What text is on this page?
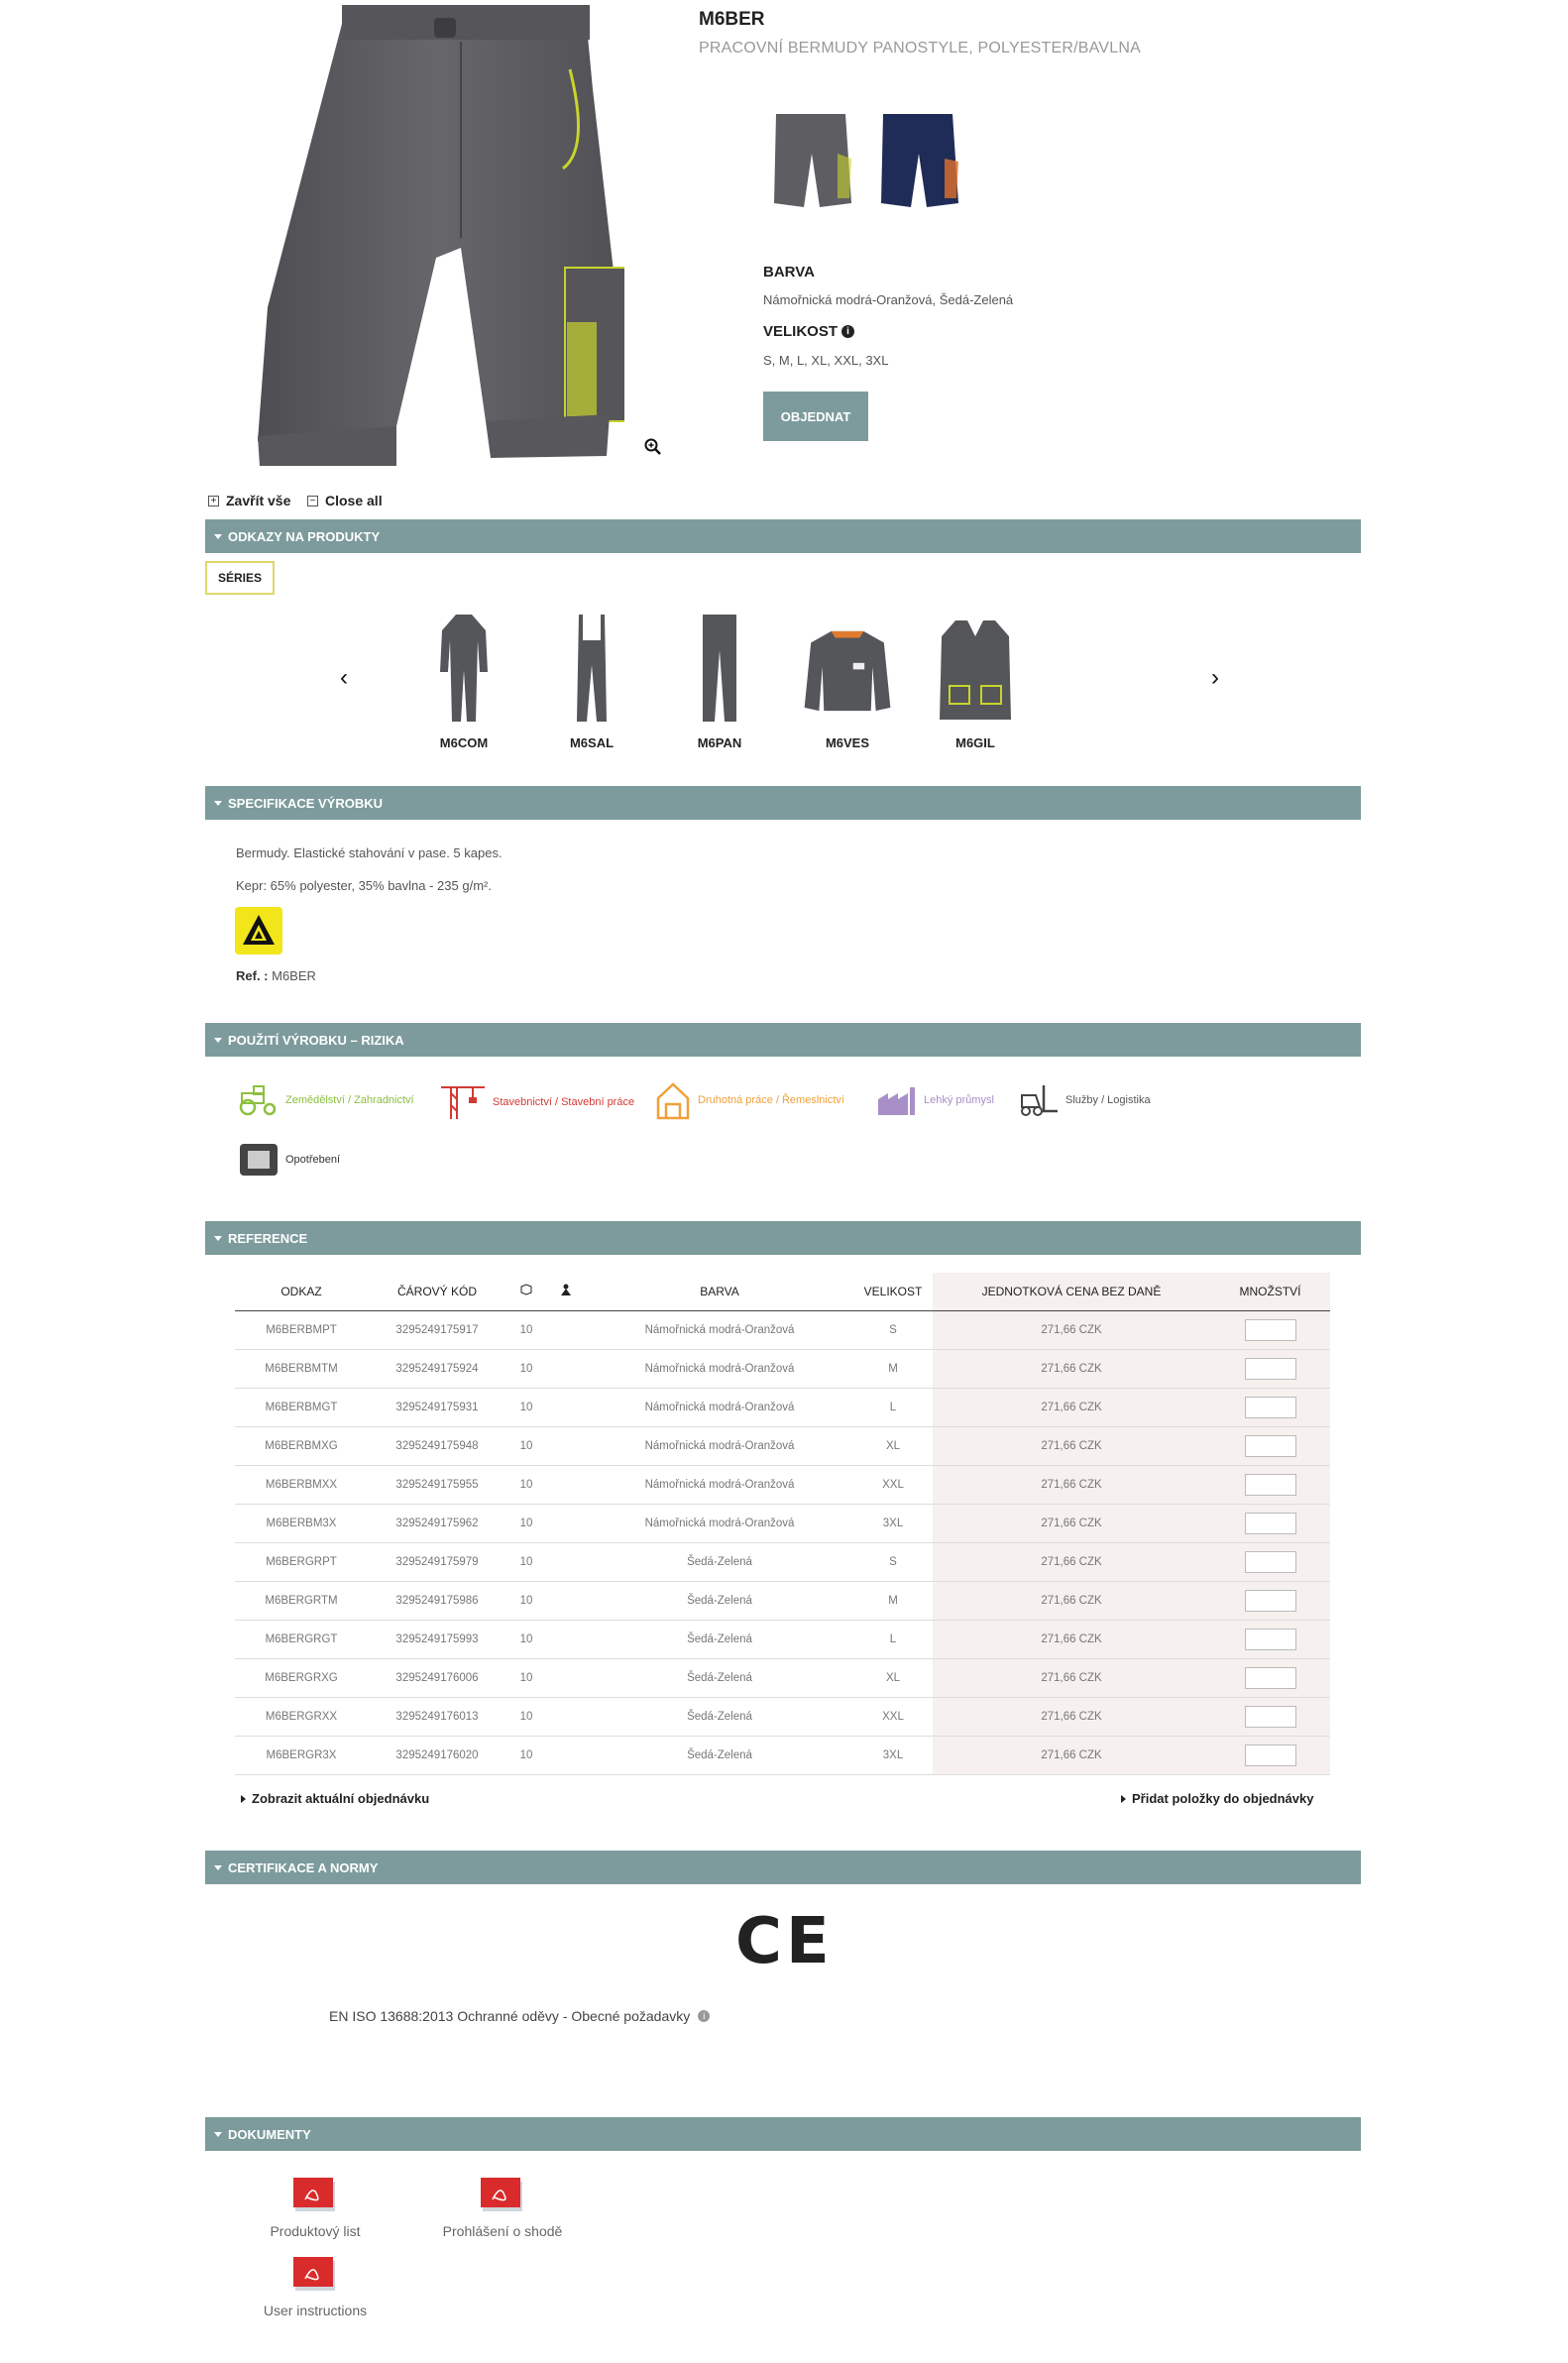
M6BER
PRACOVNÍ BERMUDY PANOSTYLE, POLYESTER/BAVLNA
BARVA
Námořnická modrá-Oranžová, Šedá-Zelená
VELIKOST i
S, M, L, XL, XXL, 3XL
OBJEDNAT
+ Zavřít vše − Close all
ODKAZY NA PRODUKTY
SÉRIES
‹	›
M6COM	M6SAL	M6PAN	M6VES	M6GIL
SPECIFIKACE VÝROBKU
Bermudy. Elastické stahování v pase. 5 kapes.
Kepr: 65% polyester, 35% bavlna - 235 g/m².
Ref. : M6BER
POUŽITÍ VÝROBKU – RIZIKA
Zemědělství / Zahradnictví	Stavebnictví / Stavební práce	Druhotná práce / Řemeslnictví	Lehký průmysl	Služby / Logistika
Opotřebení
REFERENCE
ODKAZ	ČÁROVÝ KÓD			BARVA	VELIKOST	JEDNOTKOVÁ CENA BEZ DANĚ	MNOŽSTVÍ
M6BERBMPT	3295249175917	10		Námořnická modrá-Oranžová	S	271,66 CZK	
M6BERBMTM	3295249175924	10		Námořnická modrá-Oranžová	M	271,66 CZK	
M6BERBMGT	3295249175931	10		Námořnická modrá-Oranžová	L	271,66 CZK	
M6BERBMXG	3295249175948	10		Námořnická modrá-Oranžová	XL	271,66 CZK	
M6BERBMXX	3295249175955	10		Námořnická modrá-Oranžová	XXL	271,66 CZK	
M6BERBM3X	3295249175962	10		Námořnická modrá-Oranžová	3XL	271,66 CZK	
M6BERGRPT	3295249175979	10		Šedá-Zelená	S	271,66 CZK	
M6BERGRTM	3295249175986	10		Šedá-Zelená	M	271,66 CZK	
M6BERGRGT	3295249175993	10		Šedá-Zelená	L	271,66 CZK	
M6BERGRXG	3295249176006	10		Šedá-Zelená	XL	271,66 CZK	
M6BERGRXX	3295249176013	10		Šedá-Zelená	XXL	271,66 CZK	
M6BERGR3X	3295249176020	10		Šedá-Zelená	3XL	271,66 CZK	
Zobrazit aktuální objednávku	Přidat položky do objednávky
CERTIFIKACE A NORMY
CE
EN ISO 13688:2013 Ochranné oděvy - Obecné požadavky	i
DOKUMENTY
Produktový list	Prohlášení o shodě
User instructions
